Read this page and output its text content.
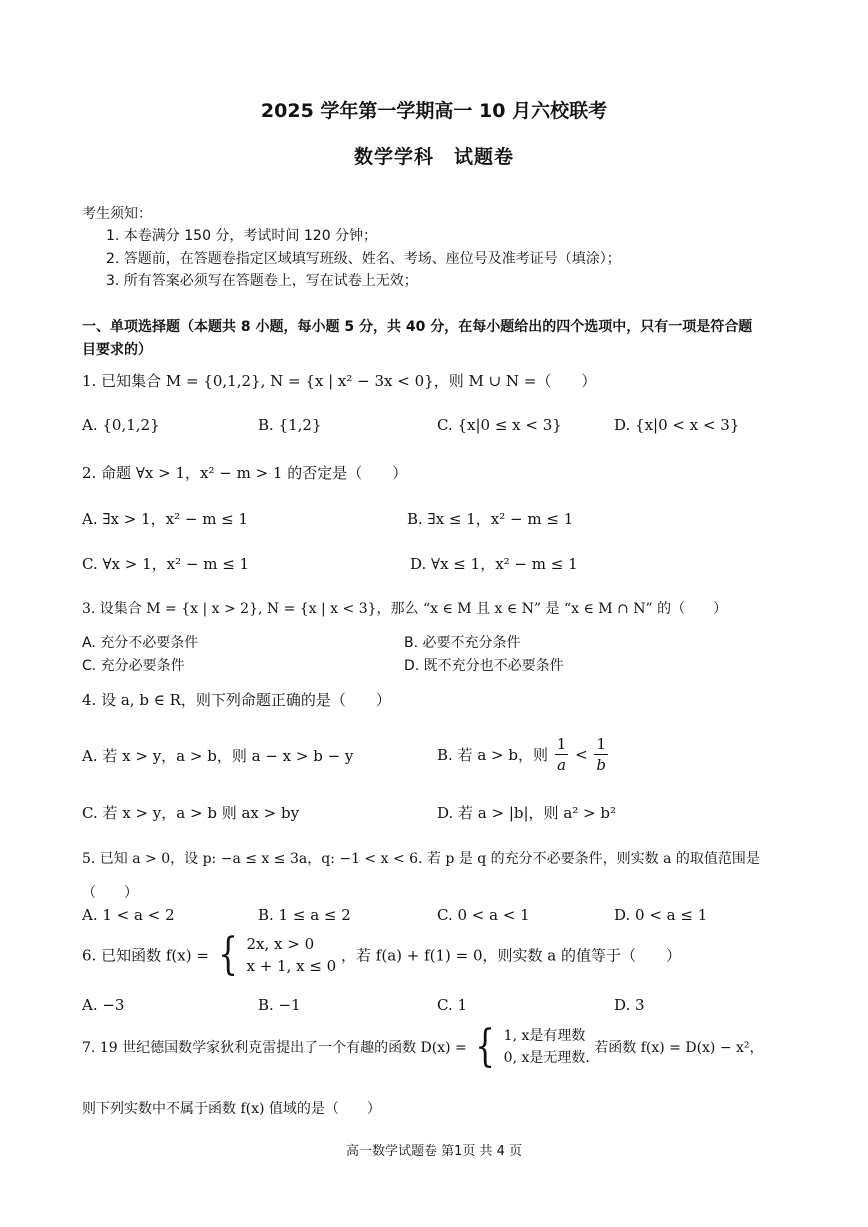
2025 学年第一学期高一 10 月六校联考
数学学科　试题卷
考生须知：
1. 本卷满分 150 分，考试时间 120 分钟；
2. 答题前，在答题卷指定区域填写班级、姓名、考场、座位号及准考证号（填涂）；
3. 所有答案必须写在答题卷上，写在试卷上无效；
一、单项选择题（本题共 8 小题，每小题 5 分，共 40 分，在每小题给出的四个选项中，只有一项是符合题
目要求的）
1. 已知集合 M = {0,1,2}, N = {x | x² − 3x < 0}，则 M ∪ N =（　　）
A. {0,1,2}	B. {1,2}	C. {x|0 ≤ x < 3}	D. {x|0 < x < 3}
2. 命题 ∀x > 1，x² − m > 1 的否定是（　　）
A. ∃x > 1，x² − m ≤ 1	B. ∃x ≤ 1，x² − m ≤ 1
C. ∀x > 1，x² − m ≤ 1	D. ∀x ≤ 1，x² − m ≤ 1
3. 设集合 M = {x | x > 2}, N = {x | x < 3}，那么 “x ∈ M 且 x ∈ N” 是 “x ∈ M ∩ N” 的（　　）
A. 充分不必要条件	B. 必要不充分条件
C. 充分必要条件	D. 既不充分也不必要条件
4. 设 a, b ∈ R，则下列命题正确的是（　　）
A. 若 x > y，a > b，则 a − x > b − y	B. 若 a > b，则 $\frac{1}{a} < \frac{1}{b}$
C. 若 x > y，a > b 则 ax > by	D. 若 a > |b|，则 a² > b²
5. 已知 a > 0，设 p: −a ≤ x ≤ 3a，q: −1 < x < 6. 若 p 是 q 的充分不必要条件，则实数 a 的取值范围是
（　　）
A. 1 < a < 2	B. 1 ≤ a ≤ 2	C. 0 < a < 1	D. 0 < a ≤ 1
6. 已知函数 f(x) = { 2x, x > 0
x + 1, x ≤ 0
，若 f(a) + f(1) = 0，则实数 a 的值等于（　　）
A. −3	B. −1	C. 1	D. 3
7. 19 世纪德国数学家狄利克雷提出了一个有趣的函数 D(x) = { 1, x是有理数
0, x是无理数.
若函数 f(x) = D(x) − x²，
则下列实数中不属于函数 f(x) 值域的是（　　）
高一数学试题卷 第1页 共 4 页
